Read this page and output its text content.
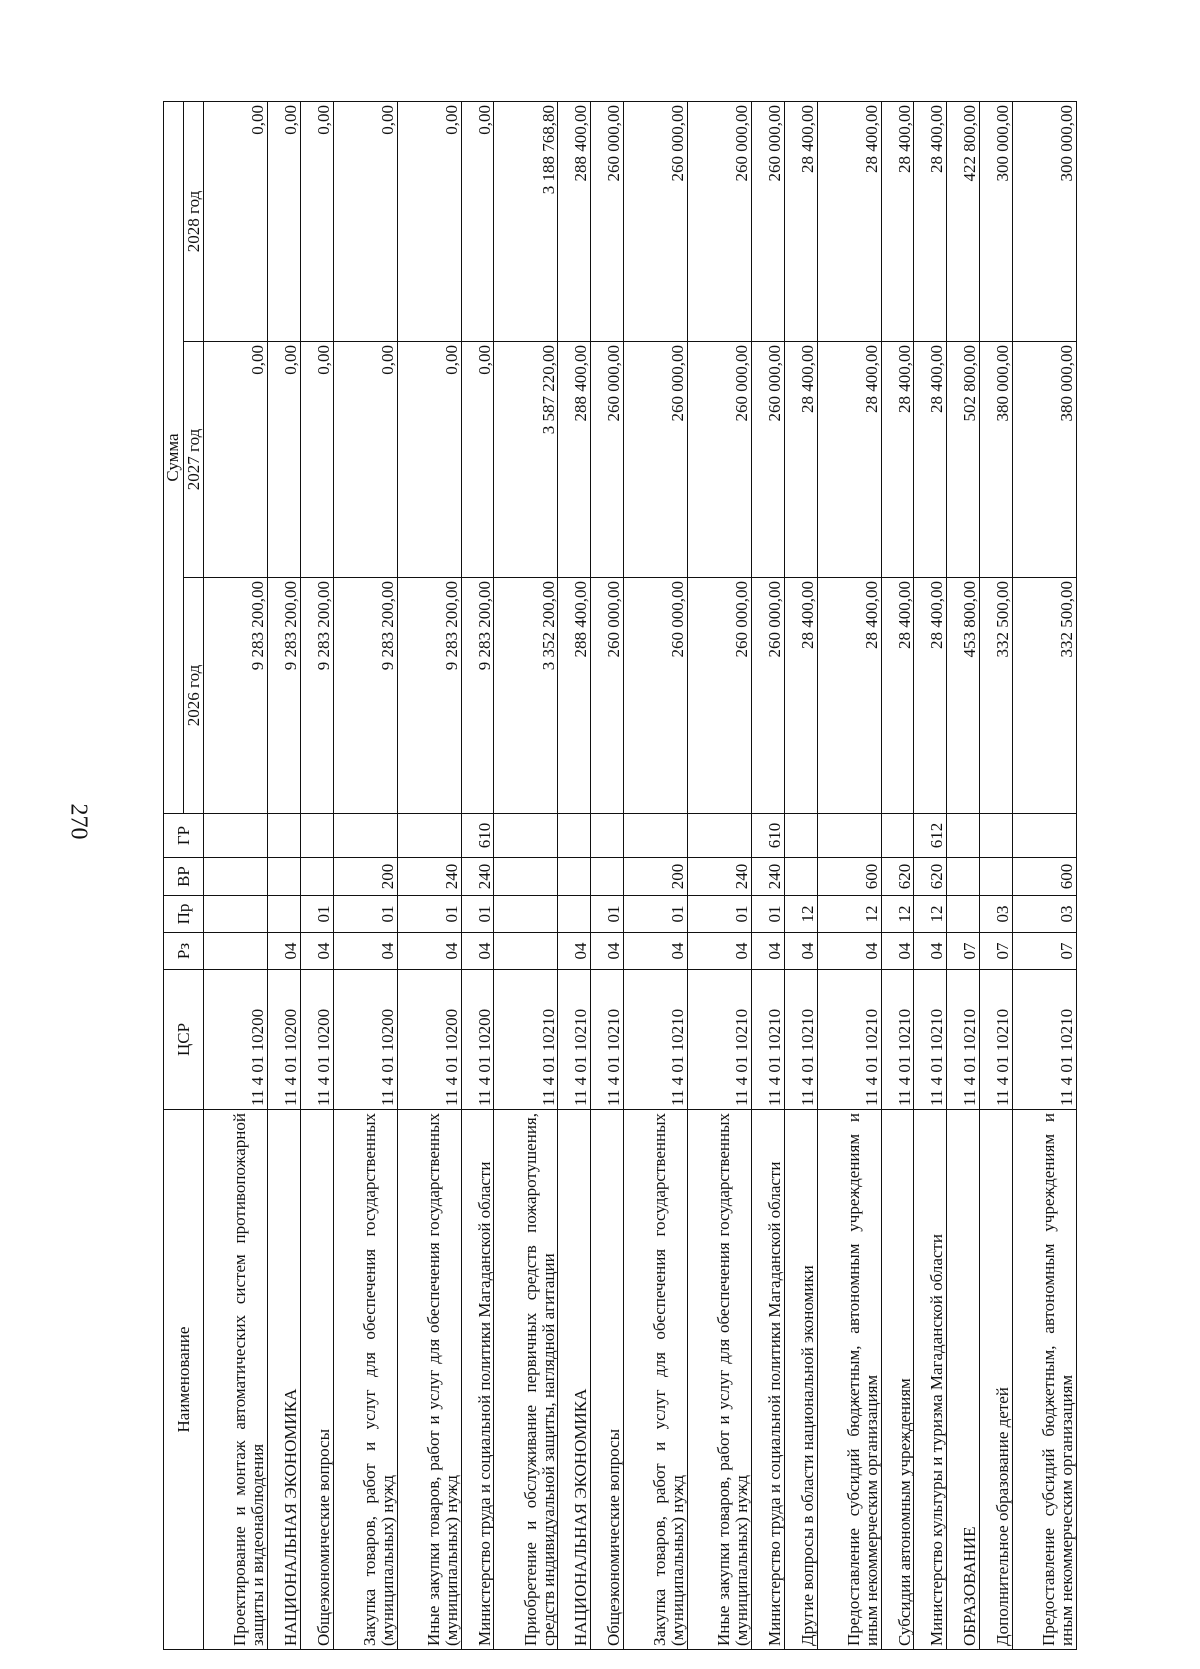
270
Наименование	ЦСР	Рз	Пр	ВР	ГР	Сумма		
						2026 год	2027 год	2028 год
Проектирование и монтаж автоматических систем противопожарной защиты и видеонаблюдения	11 4 01 10200					9 283 200,00	0,00	0,00
НАЦИОНАЛЬНАЯ ЭКОНОМИКА	11 4 01 10200	04				9 283 200,00	0,00	0,00
Общеэкономические вопросы	11 4 01 10200	04	01			9 283 200,00	0,00	0,00
Закупка товаров, работ и услуг для обеспечения государственных (муниципальных) нужд	11 4 01 10200	04	01	200		9 283 200,00	0,00	0,00
Иные закупки товаров, работ и услуг для обеспечения государственных (муниципальных) нужд	11 4 01 10200	04	01	240		9 283 200,00	0,00	0,00
Министерство труда и социальной политики Магаданской области	11 4 01 10200	04	01	240	610	9 283 200,00	0,00	0,00
Приобретение и обслуживание первичных средств пожаротушения, средств индивидуальной защиты, наглядной агитации	11 4 01 10210					3 352 200,00	3 587 220,00	3 188 768,80
НАЦИОНАЛЬНАЯ ЭКОНОМИКА	11 4 01 10210	04				288 400,00	288 400,00	288 400,00
Общеэкономические вопросы	11 4 01 10210	04	01			260 000,00	260 000,00	260 000,00
Закупка товаров, работ и услуг для обеспечения государственных (муниципальных) нужд	11 4 01 10210	04	01	200		260 000,00	260 000,00	260 000,00
Иные закупки товаров, работ и услуг для обеспечения государственных (муниципальных) нужд	11 4 01 10210	04	01	240		260 000,00	260 000,00	260 000,00
Министерство труда и социальной политики Магаданской области	11 4 01 10210	04	01	240	610	260 000,00	260 000,00	260 000,00
Другие вопросы в области национальной экономики	11 4 01 10210	04	12			28 400,00	28 400,00	28 400,00
Предоставление субсидий бюджетным, автономным учреждениям и иным некоммерческим организациям	11 4 01 10210	04	12	600		28 400,00	28 400,00	28 400,00
Субсидии автономным учреждениям	11 4 01 10210	04	12	620		28 400,00	28 400,00	28 400,00
Министерство культуры и туризма Магаданской области	11 4 01 10210	04	12	620	612	28 400,00	28 400,00	28 400,00
ОБРАЗОВАНИЕ	11 4 01 10210	07				453 800,00	502 800,00	422 800,00
Дополнительное образование детей	11 4 01 10210	07	03			332 500,00	380 000,00	300 000,00
Предоставление субсидий бюджетным, автономным учреждениям и иным некоммерческим организациям	11 4 01 10210	07	03	600		332 500,00	380 000,00	300 000,00
